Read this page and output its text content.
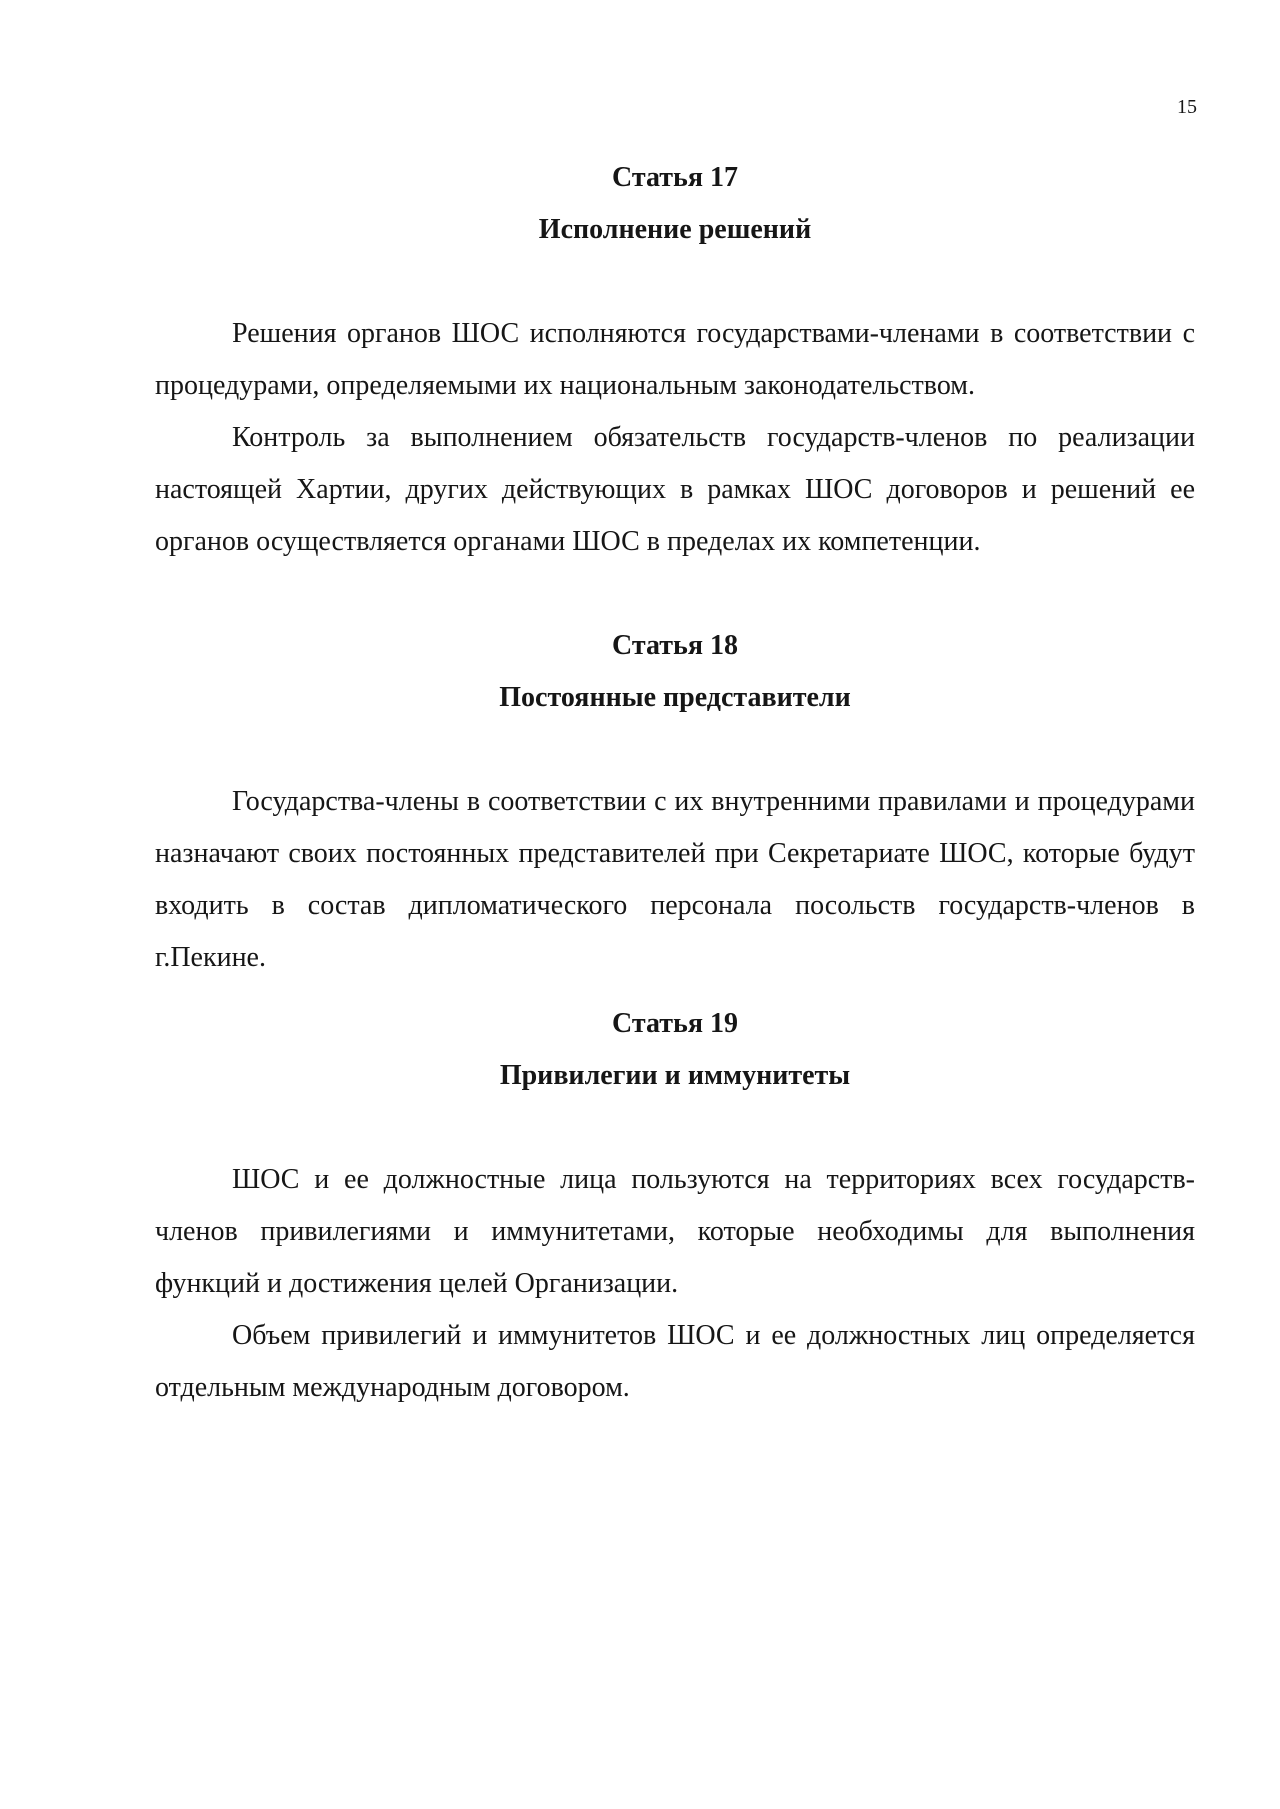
15

Статья 17

Исполнение решений

Решения органов ШОС исполняются государствами-членами в соответствии с процедурами, определяемыми их национальным законодательством.

Контроль за выполнением обязательств государств-членов по реализации настоящей Хартии, других действующих в рамках ШОС договоров и решений ее органов осуществляется органами ШОС в пределах их компетенции.

Статья 18

Постоянные представители

Государства-члены в соответствии с их внутренними правилами и процедурами назначают своих постоянных представителей при Секретариате ШОС, которые будут входить в состав дипломатического персонала посольств государств-членов в г.Пекине.

Статья 19

Привилегии и иммунитеты

ШОС и ее должностные лица пользуются на территориях всех государств-членов привилегиями и иммунитетами, которые необходимы для выполнения функций и достижения целей Организации.

Объем привилегий и иммунитетов ШОС и ее должностных лиц определяется отдельным международным договором.
